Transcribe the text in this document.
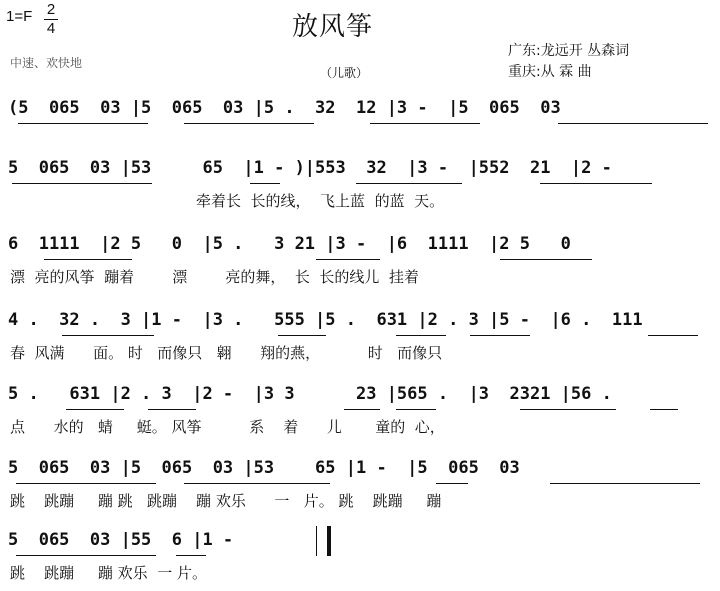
1=F 2
4	放风筝
中速、欢快地
（儿歌）
广东:龙远开 丛森词
重庆:从 霖 曲
(5  065  03 |5  065  03 |5 .  32  12 |3 -  |5  065  03
5  065  03 |53     65  |1 - )|553  32  |3 -  |552  21  |2 -
牵着长  长的线，  飞上蓝  的蓝  天。
6  1111  |2 5   0  |5 .   3 21 |3 -  |6  1111  |2 5   0
漂  亮的风筝  蹦着        漂        亮的舞，  长  长的线儿  挂着
4 .  32 .  3 |1 -  |3 .   555 |5 .  631 |2 . 3 |5 -  |6 .  111
春  风满      面。 时   而像只   翱      翔的燕，          时   而像只
5 .   631 |2 . 3  |2 -  |3 3      23 |565 .  |3  2321 |56 .
点      水的   蜻     蜓。 风筝          系    着      儿       童的  心，
5  065  03 |5  065  03 |53    65 |1 -  |5  065  03
跳    跳蹦     蹦 跳   跳蹦    蹦 欢乐      一   片。 跳    跳蹦     蹦
5  065  03 |55  6 |1 -
跳    跳蹦     蹦 欢乐  一 片。
